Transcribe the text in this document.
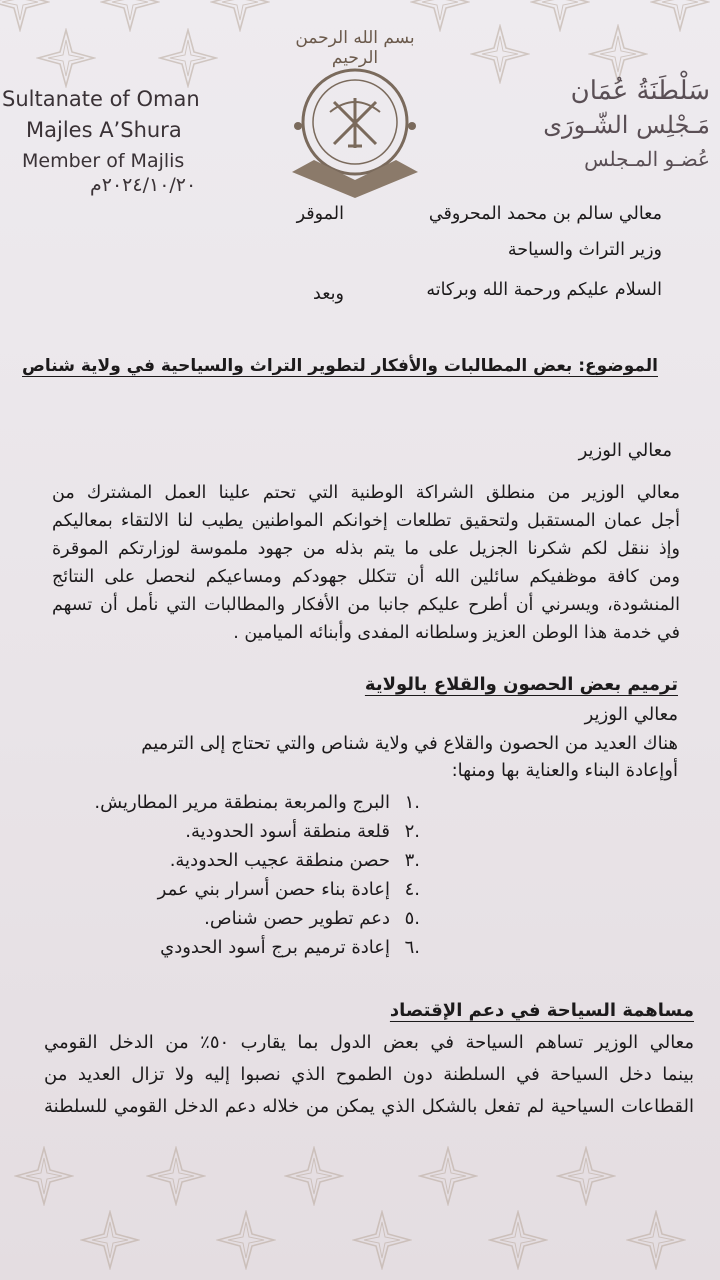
Sultanate of Oman
Majles A’Shura
Member of Majlis
٢٠٢٤/١٠/٢٠م
بسم الله الرحمن الرحيم
سَلْطَنَةُ عُمَان
مَـجْلِس الشّـورَى
عُضـو المـجلس
معالي سالم بن محمد المحروقي
الموقر
وزير التراث والسياحة
السلام عليكم ورحمة الله وبركاته
وبعد
الموضوع: بعض المطالبات والأفكار لتطوير التراث والسياحية في ولاية شناص
معالي الوزير
معالي الوزير من منطلق الشراكة الوطنية التي تحتم علينا العمل المشترك من
أجل عمان المستقبل ولتحقيق تطلعات إخوانكم المواطنين يطيب لنا الالتقاء بمعاليكم
وإذ ننقل لكم شكرنا الجزيل على ما يتم بذله من جهود ملموسة لوزارتكم الموقرة
ومن كافة موظفيكم سائلين الله أن تتكلل جهودكم ومساعيكم لنحصل على النتائج
المنشودة، ويسرني أن أطرح عليكم جانبا من الأفكار والمطالبات التي نأمل أن تسهم
في خدمة هذا الوطن العزيز وسلطانه المفدى وأبنائه الميامين .
ترميم بعض الحصون والقلاع بالولاية
معالي الوزير
هناك العديد من الحصون والقلاع في ولاية شناص والتي تحتاج إلى الترميم
أوإعادة البناء والعناية بها ومنها:
.١
البرج والمربعة بمنطقة مرير المطاريش.
.٢
قلعة منطقة أسود الحدودية.
.٣
حصن منطقة عجيب الحدودية.
.٤
إعادة بناء حصن أسرار بني عمر
.٥
دعم تطوير حصن شناص.
.٦
إعادة ترميم برج أسود الحدودي
مساهمة السياحة في دعم الإقتصاد
معالي الوزير تساهم السياحة في بعض الدول بما يقارب ٥٠٪ من الدخل القومي
بينما دخل السياحة في السلطنة دون الطموح الذي نصبوا إليه ولا تزال العديد من
القطاعات السياحية لم تفعل بالشكل الذي يمكن من خلاله دعم الدخل القومي للسلطنة
